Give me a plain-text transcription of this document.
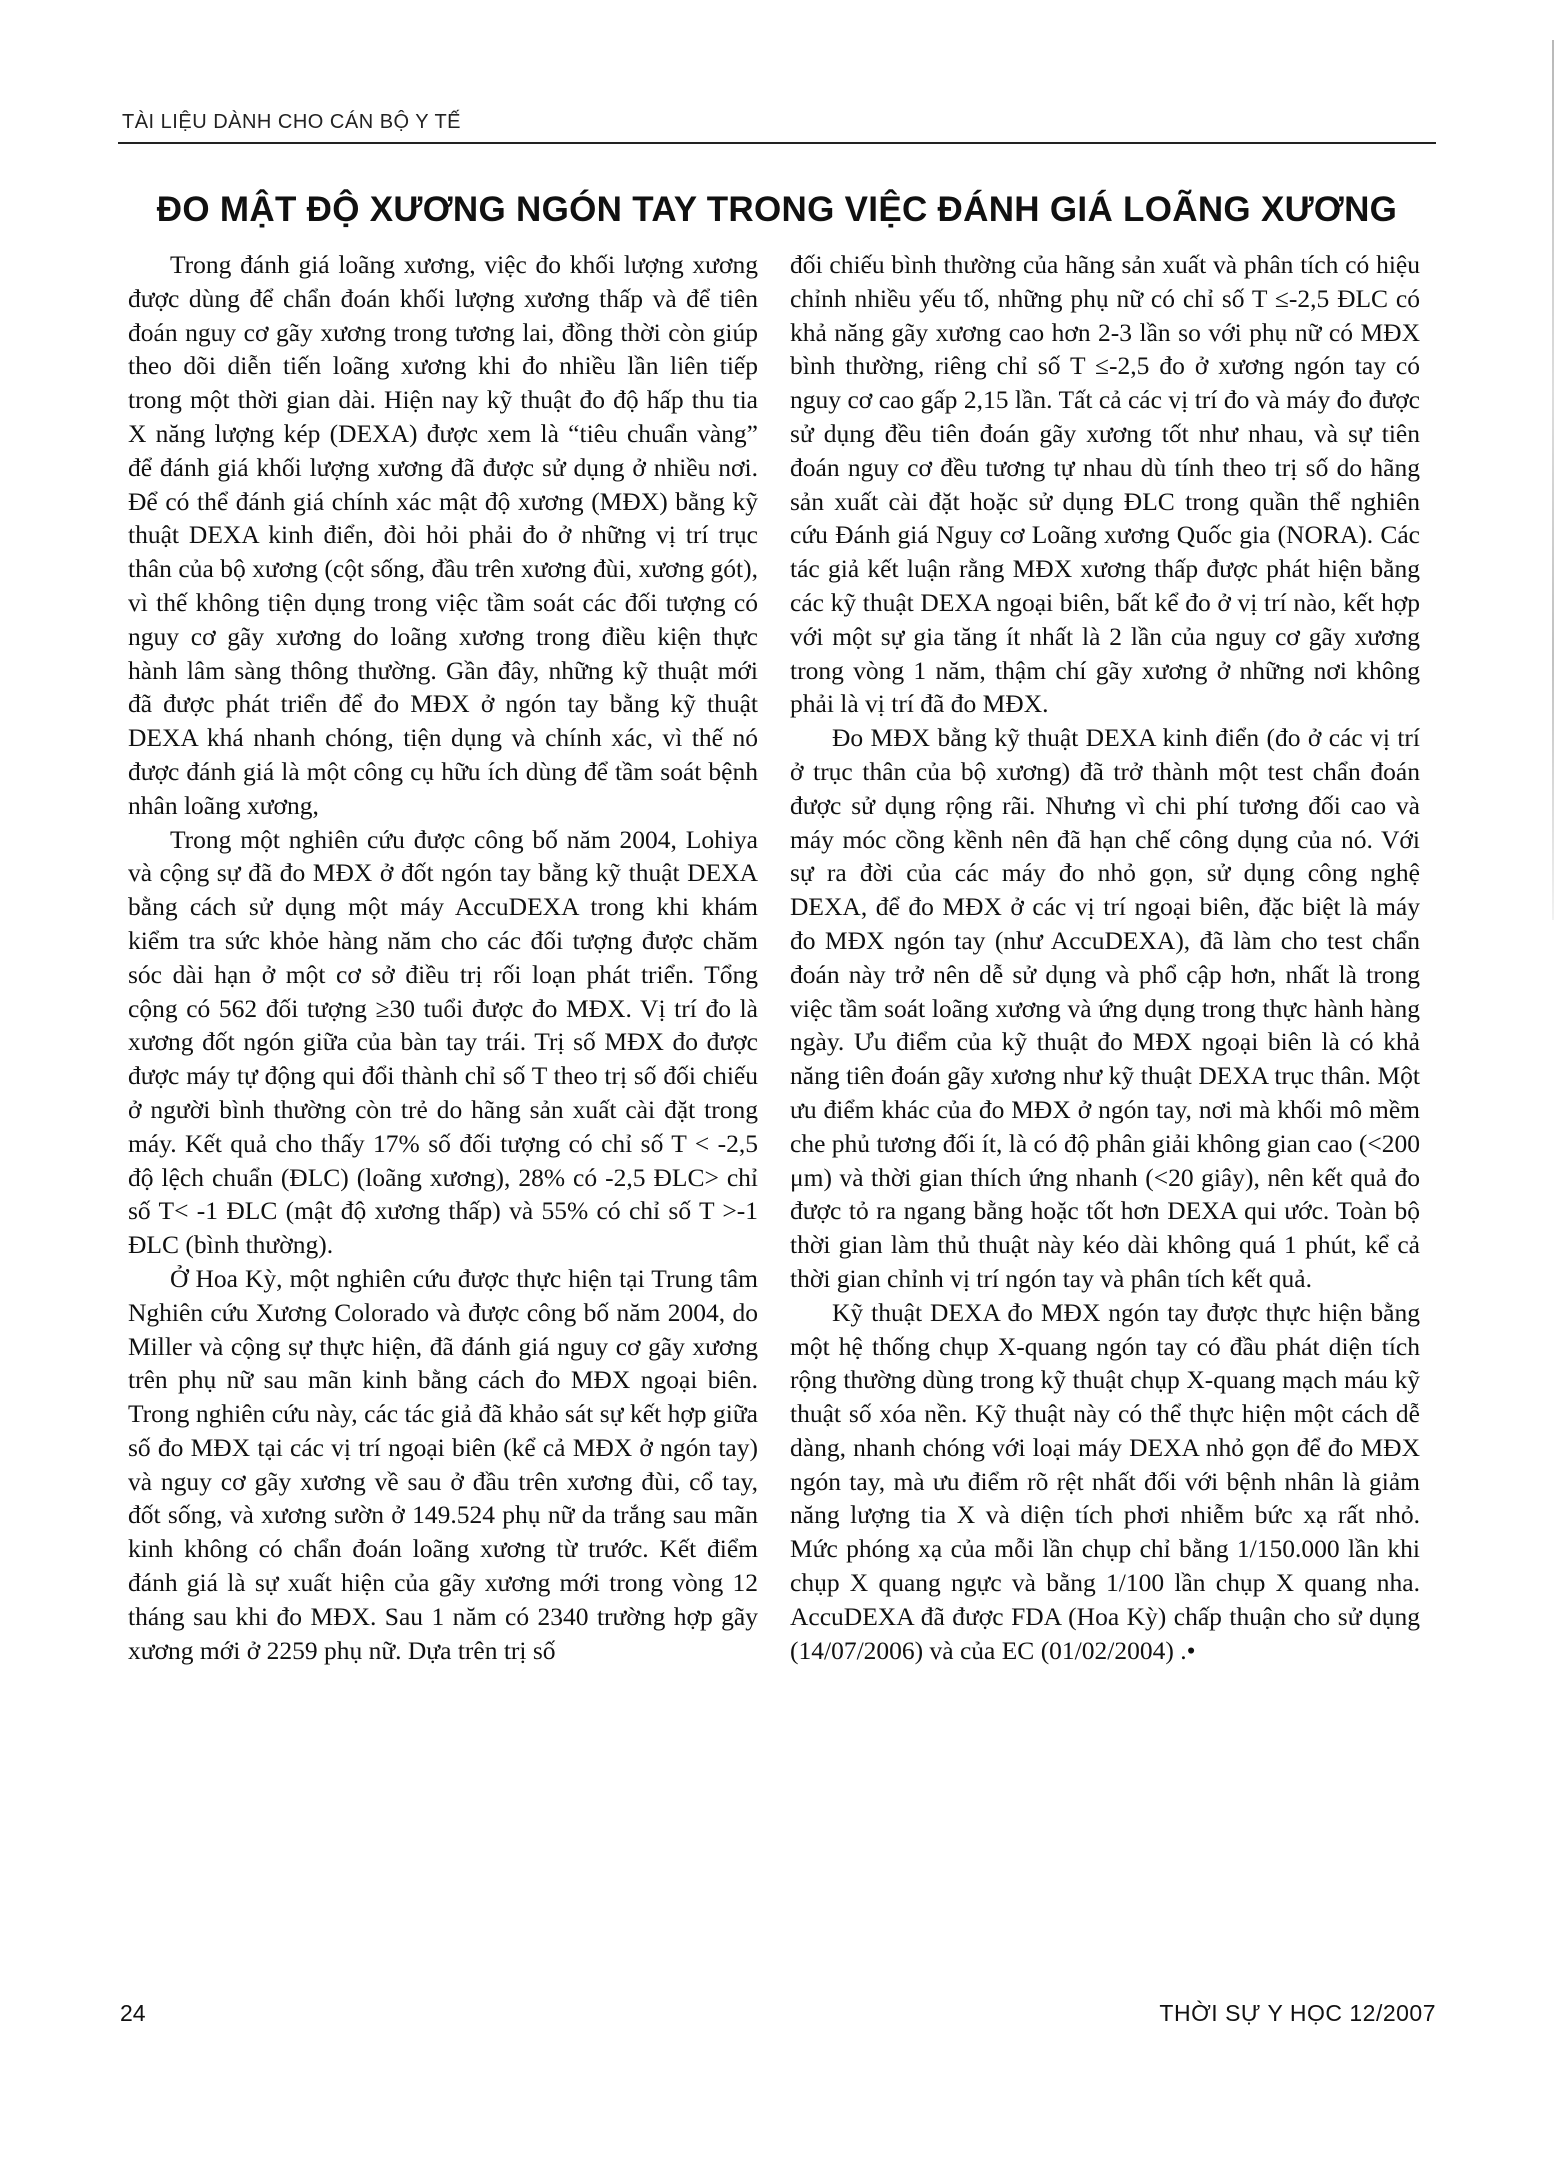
TÀI LIỆU DÀNH CHO CÁN BỘ Y TẾ
ĐO MẬT ĐỘ XƯƠNG NGÓN TAY TRONG VIỆC ĐÁNH GIÁ LOÃNG XƯƠNG

Trong đánh giá loãng xương, việc đo khối lượng xương được dùng để chẩn đoán khối lượng xương thấp và để tiên đoán nguy cơ gãy xương trong tương lai, đồng thời còn giúp theo dõi diễn tiến loãng xương khi đo nhiều lần liên tiếp trong một thời gian dài. Hiện nay kỹ thuật đo độ hấp thu tia X năng lượng kép (DEXA) được xem là “tiêu chuẩn vàng” để đánh giá khối lượng xương đã được sử dụng ở nhiều nơi. Để có thể đánh giá chính xác mật độ xương (MĐX) bằng kỹ thuật DEXA kinh điển, đòi hỏi phải đo ở những vị trí trục thân của bộ xương (cột sống, đầu trên xương đùi, xương gót), vì thế không tiện dụng trong việc tầm soát các đối tượng có nguy cơ gãy xương do loãng xương trong điều kiện thực hành lâm sàng thông thường. Gần đây, những kỹ thuật mới đã được phát triển để đo MĐX ở ngón tay bằng kỹ thuật DEXA khá nhanh chóng, tiện dụng và chính xác, vì thế nó được đánh giá là một công cụ hữu ích dùng để tầm soát bệnh nhân loãng xương,

Trong một nghiên cứu được công bố năm 2004, Lohiya và cộng sự đã đo MĐX ở đốt ngón tay bằng kỹ thuật DEXA bằng cách sử dụng một máy AccuDEXA trong khi khám kiểm tra sức khỏe hàng năm cho các đối tượng được chăm sóc dài hạn ở một cơ sở điều trị rối loạn phát triển. Tổng cộng có 562 đối tượng ≥30 tuổi được đo MĐX. Vị trí đo là xương đốt ngón giữa của bàn tay trái. Trị số MĐX đo được được máy tự động qui đổi thành chỉ số T theo trị số đối chiếu ở người bình thường còn trẻ do hãng sản xuất cài đặt trong máy. Kết quả cho thấy 17% số đối tượng có chỉ số T < -2,5 độ lệch chuẩn (ĐLC) (loãng xương), 28% có -2,5 ĐLC> chỉ số T< -1 ĐLC (mật độ xương thấp) và 55% có chỉ số T >-1 ĐLC (bình thường).

Ở Hoa Kỳ, một nghiên cứu được thực hiện tại Trung tâm Nghiên cứu Xương Colorado và được công bố năm 2004, do Miller và cộng sự thực hiện, đã đánh giá nguy cơ gãy xương trên phụ nữ sau mãn kinh bằng cách đo MĐX ngoại biên. Trong nghiên cứu này, các tác giả đã khảo sát sự kết hợp giữa số đo MĐX tại các vị trí ngoại biên (kể cả MĐX ở ngón tay) và nguy cơ gãy xương về sau ở đầu trên xương đùi, cổ tay, đốt sống, và xương sườn ở 149.524 phụ nữ da trắng sau mãn kinh không có chẩn đoán loãng xương từ trước. Kết điểm đánh giá là sự xuất hiện của gãy xương mới trong vòng 12 tháng sau khi đo MĐX. Sau 1 năm có 2340 trường hợp gãy xương mới ở 2259 phụ nữ. Dựa trên trị số

đối chiếu bình thường của hãng sản xuất và phân tích có hiệu chỉnh nhiều yếu tố, những phụ nữ có chỉ số T ≤-2,5 ĐLC có khả năng gãy xương cao hơn 2-3 lần so với phụ nữ có MĐX bình thường, riêng chỉ số T ≤-2,5 đo ở xương ngón tay có nguy cơ cao gấp 2,15 lần. Tất cả các vị trí đo và máy đo được sử dụng đều tiên đoán gãy xương tốt như nhau, và sự tiên đoán nguy cơ đều tương tự nhau dù tính theo trị số do hãng sản xuất cài đặt hoặc sử dụng ĐLC trong quần thể nghiên cứu Đánh giá Nguy cơ Loãng xương Quốc gia (NORA). Các tác giả kết luận rằng MĐX xương thấp được phát hiện bằng các kỹ thuật DEXA ngoại biên, bất kể đo ở vị trí nào, kết hợp với một sự gia tăng ít nhất là 2 lần của nguy cơ gãy xương trong vòng 1 năm, thậm chí gãy xương ở những nơi không phải là vị trí đã đo MĐX.

Đo MĐX bằng kỹ thuật DEXA kinh điển (đo ở các vị trí ở trục thân của bộ xương) đã trở thành một test chẩn đoán được sử dụng rộng rãi. Nhưng vì chi phí tương đối cao và máy móc cồng kềnh nên đã hạn chế công dụng của nó. Với sự ra đời của các máy đo nhỏ gọn, sử dụng công nghệ DEXA, để đo MĐX ở các vị trí ngoại biên, đặc biệt là máy đo MĐX ngón tay (như AccuDEXA), đã làm cho test chẩn đoán này trở nên dễ sử dụng và phổ cập hơn, nhất là trong việc tầm soát loãng xương và ứng dụng trong thực hành hàng ngày. Ưu điểm của kỹ thuật đo MĐX ngoại biên là có khả năng tiên đoán gãy xương như kỹ thuật DEXA trục thân. Một ưu điểm khác của đo MĐX ở ngón tay, nơi mà khối mô mềm che phủ tương đối ít, là có độ phân giải không gian cao (<200 μm) và thời gian thích ứng nhanh (<20 giây), nên kết quả đo được tỏ ra ngang bằng hoặc tốt hơn DEXA qui ước. Toàn bộ thời gian làm thủ thuật này kéo dài không quá 1 phút, kể cả thời gian chỉnh vị trí ngón tay và phân tích kết quả.

Kỹ thuật DEXA đo MĐX ngón tay được thực hiện bằng một hệ thống chụp X-quang ngón tay có đầu phát diện tích rộng thường dùng trong kỹ thuật chụp X-quang mạch máu kỹ thuật số xóa nền. Kỹ thuật này có thể thực hiện một cách dễ dàng, nhanh chóng với loại máy DEXA nhỏ gọn để đo MĐX ngón tay, mà ưu điểm rõ rệt nhất đối với bệnh nhân là giảm năng lượng tia X và diện tích phơi nhiễm bức xạ rất nhỏ. Mức phóng xạ của mỗi lần chụp chỉ bằng 1/150.000 lần khi chụp X quang ngực và bằng 1/100 lần chụp X quang nha. AccuDEXA đã được FDA (Hoa Kỳ) chấp thuận cho sử dụng (14/07/2006) và của EC (01/02/2004) .•

24	THỜI SỰ Y HỌC 12/2007
